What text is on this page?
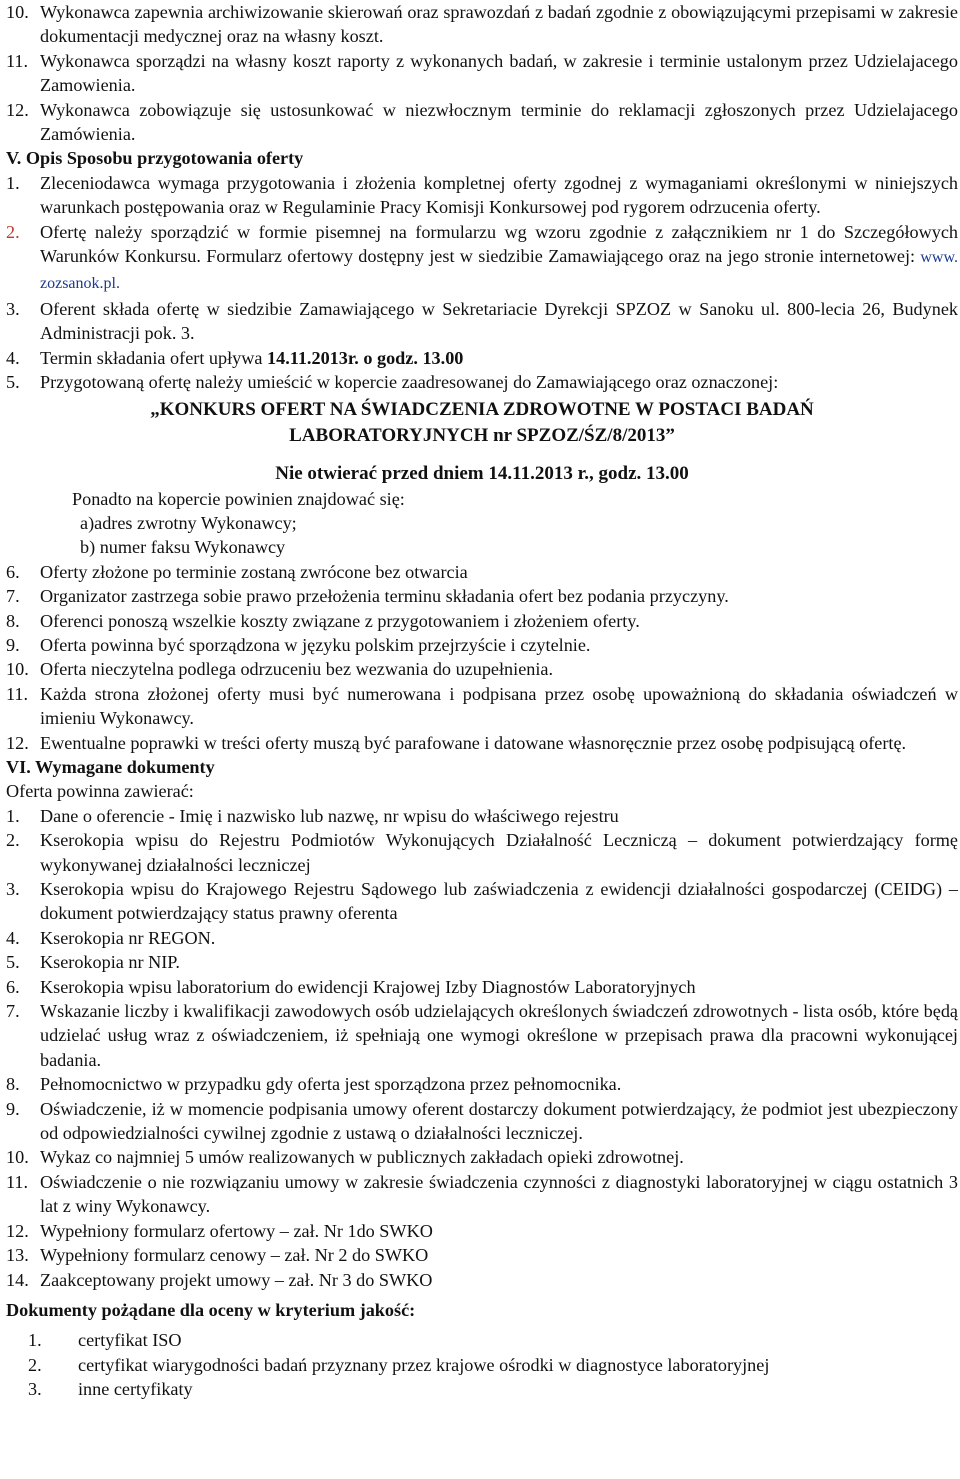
10. Wykonawca zapewnia archiwizowanie skierowań oraz sprawozdań z badań zgodnie z obowiązującymi przepisami w zakresie dokumentacji medycznej oraz na własny koszt.
11. Wykonawca sporządzi na własny koszt raporty z wykonanych badań, w zakresie i terminie ustalonym przez Udzielajacego Zamowienia.
12. Wykonawca zobowiązuje się ustosunkować w niezwłocznym terminie do reklamacji zgłoszonych przez Udzielajacego Zamówienia.
V. Opis Sposobu przygotowania oferty
1.	Zleceniodawca wymaga przygotowania i złożenia kompletnej oferty zgodnej z wymaganiami określonymi w niniejszych warunkach postępowania oraz w Regulaminie Pracy Komisji Konkursowej pod rygorem odrzucenia oferty.
2.	Ofertę należy sporządzić w formie pisemnej na formularzu wg wzoru zgodnie z załącznikiem nr 1 do Szczegółowych Warunków Konkursu. Formularz ofertowy dostępny jest w siedzibie Zamawiającego oraz na jego stronie internetowej: www. zozsanok.pl.
3.	Oferent składa ofertę w siedzibie Zamawiającego w Sekretariacie Dyrekcji SPZOZ w Sanoku ul. 800-lecia 26, Budynek Administracji pok. 3.
4.	Termin składania ofert upływa 14.11.2013r. o godz. 13.00
5.	Przygotowaną ofertę należy umieścić w kopercie zaadresowanej do Zamawiającego oraz oznaczonej:
„KONKURS OFERT NA ŚWIADCZENIA ZDROWOTNE W POSTACI BADAŃ
LABORATORYJNYCH nr SPZOZ/ŚZ/8/2013”
Nie otwierać przed dniem 14.11.2013 r., godz. 13.00
Ponadto na kopercie powinien znajdować się:
a)adres zwrotny Wykonawcy;
b) numer faksu Wykonawcy
6.	Oferty złożone po terminie zostaną zwrócone bez otwarcia
7.	Organizator zastrzega sobie prawo przełożenia terminu składania ofert bez podania przyczyny.
8.	Oferenci ponoszą wszelkie koszty związane z przygotowaniem i złożeniem oferty.
9.	Oferta powinna być sporządzona w języku polskim przejrzyście i czytelnie.
10. Oferta nieczytelna podlega odrzuceniu bez wezwania do uzupełnienia.
11. Każda strona złożonej oferty musi być numerowana i podpisana przez osobę upoważnioną do składania oświadczeń w imieniu Wykonawcy.
12. Ewentualne poprawki w treści oferty muszą być parafowane i datowane własnoręcznie przez osobę podpisującą ofertę.
VI. Wymagane dokumenty
Oferta powinna zawierać:
1.	Dane o oferencie - Imię i nazwisko lub nazwę, nr wpisu do właściwego rejestru
2.	Kserokopia wpisu do Rejestru Podmiotów Wykonujących Działalność Leczniczą – dokument potwierdzający formę wykonywanej działalności leczniczej
3.	Kserokopia wpisu do Krajowego Rejestru Sądowego lub zaświadczenia z ewidencji działalności gospodarczej (CEIDG) – dokument potwierdzający status prawny oferenta
4.	Kserokopia nr REGON.
5.	Kserokopia nr NIP.
6.	Kserokopia wpisu laboratorium do ewidencji Krajowej Izby Diagnostów Laboratoryjnych
7.	Wskazanie liczby i kwalifikacji zawodowych osób udzielających określonych świadczeń zdrowotnych - lista osób, które będą udzielać usług wraz z oświadczeniem, iż spełniają one wymogi określone w przepisach prawa dla pracowni wykonującej badania.
8.	Pełnomocnictwo w przypadku gdy oferta jest sporządzona przez pełnomocnika.
9.	Oświadczenie, iż w momencie podpisania umowy oferent dostarczy dokument potwierdzający, że podmiot jest ubezpieczony od odpowiedzialności cywilnej zgodnie z ustawą o działalności leczniczej.
10. Wykaz co najmniej 5 umów realizowanych w publicznych zakładach opieki zdrowotnej.
11. Oświadczenie o nie rozwiązaniu umowy w zakresie świadczenia czynności z diagnostyki laboratoryjnej w ciągu ostatnich 3 lat z winy Wykonawcy.
12. Wypełniony formularz ofertowy – zał. Nr 1do SWKO
13. Wypełniony formularz cenowy – zał. Nr 2 do SWKO
14. Zaakceptowany projekt umowy – zał. Nr 3 do SWKO
Dokumenty pożądane dla oceny w kryterium jakość:
1.	certyfikat ISO
2.	certyfikat wiarygodności badań przyznany przez krajowe ośrodki w diagnostyce laboratoryjnej
3.	inne certyfikaty
